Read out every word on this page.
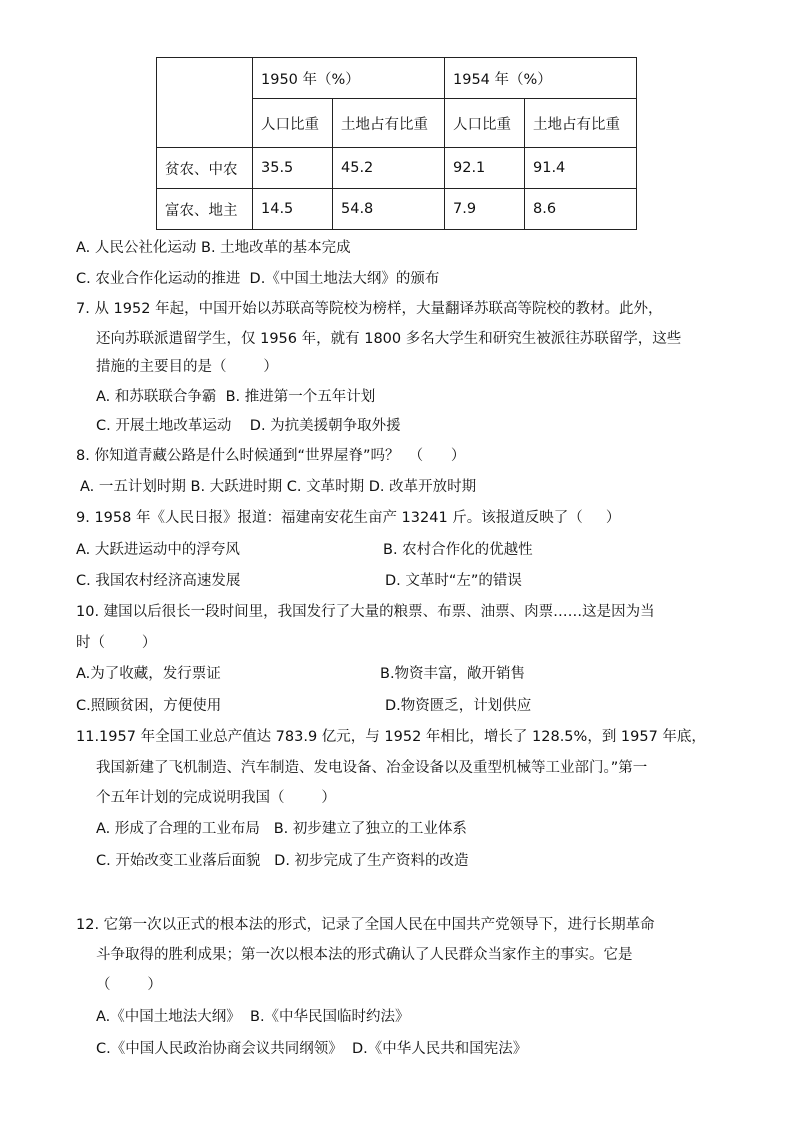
	1950 年（%）		1954 年（%）	
	人口比重	土地占有比重	人口比重	土地占有比重
贫农、中农	35.5	45.2	92.1	91.4
富农、地主	14.5	54.8	7.9	8.6
A. 人民公社化运动 B. 土地改革的基本完成
C. 农业合作化运动的推进  D.《中国土地法大纲》的颁布
7. 从 1952 年起，中国开始以苏联高等院校为榜样，大量翻译苏联高等院校的教材。此外，
还向苏联派遣留学生，仅 1956 年，就有 1800 多名大学生和研究生被派往苏联留学，这些
措施的主要目的是（        ）
A. 和苏联联合争霸  B. 推进第一个五年计划
C. 开展土地改革运动    D. 为抗美援朝争取外援
8. 你知道青藏公路是什么时候通到“世界屋脊”吗？  （      ）
A. 一五计划时期 B. 大跃进时期 C. 文革时期 D. 改革开放时期
9. 1958 年《人民日报》报道：福建南安花生亩产 13241 斤。该报道反映了（     ）
A. 大跃进运动中的浮夸风	B. 农村合作化的优越性
C. 我国农村经济高速发展	D. 文革时“左”的错误
10. 建国以后很长一段时间里，我国发行了大量的粮票、布票、油票、肉票……这是因为当
时（        ）
A.为了收藏，发行票证	B.物资丰富，敞开销售
C.照顾贫困，方便使用	D.物资匮乏，计划供应
11.1957 年全国工业总产值达 783.9 亿元，与 1952 年相比，增长了 128.5%，到 1957 年底，
我国新建了飞机制造、汽车制造、发电设备、冶金设备以及重型机械等工业部门。”第一
个五年计划的完成说明我国（        ）
A. 形成了合理的工业布局   B. 初步建立了独立的工业体系
C. 开始改变工业落后面貌   D. 初步完成了生产资料的改造
12. 它第一次以正式的根本法的形式，记录了全国人民在中国共产党领导下，进行长期革命
斗争取得的胜利成果；第一次以根本法的形式确认了人民群众当家作主的事实。它是
（        ）
A.《中国土地法大纲》  B.《中华民国临时约法》
C.《中国人民政治协商会议共同纲领》  D.《中华人民共和国宪法》
